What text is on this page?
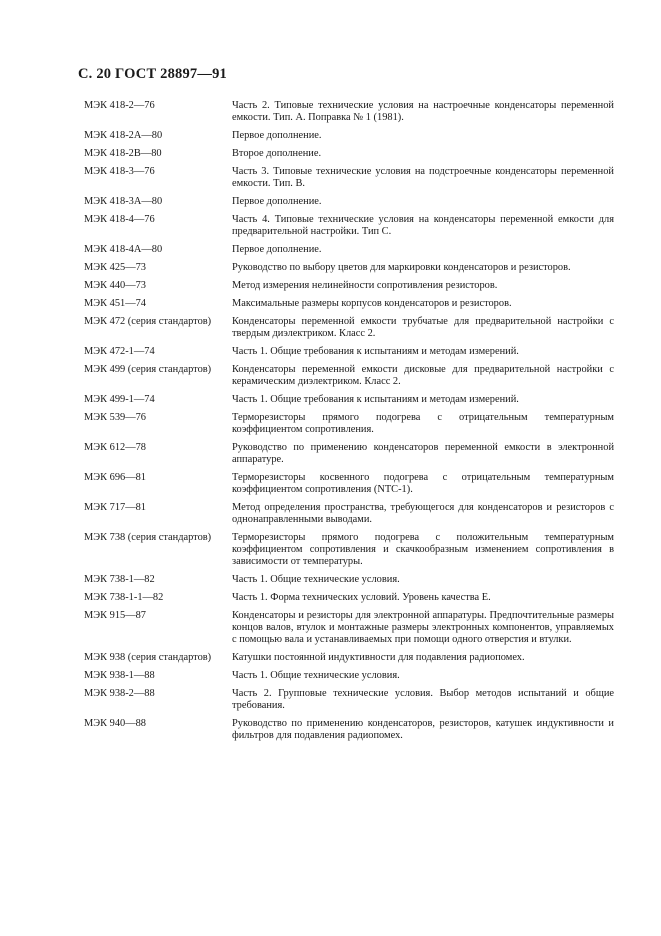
С. 20 ГОСТ 28897—91
МЭК 418-2—76	Часть 2. Типовые технические условия на настроечные конденсаторы переменной емкости. Тип. А. Поправка № 1 (1981).
МЭК 418-2А—80	Первое дополнение.
МЭК 418-2В—80	Второе дополнение.
МЭК 418-3—76	Часть 3. Типовые технические условия на подстроечные конденсаторы переменной емкости. Тип. В.
МЭК 418-3А—80	Первое дополнение.
МЭК 418-4—76	Часть 4. Типовые технические условия на конденсаторы переменной емкости для предварительной настройки. Тип С.
МЭК 418-4А—80	Первое дополнение.
МЭК 425—73	Руководство по выбору цветов для маркировки конденсаторов и резисторов.
МЭК 440—73	Метод измерения нелинейности сопротивления резисторов.
МЭК 451—74	Максимальные размеры корпусов конденсаторов и резисторов.
МЭК 472 (серия стандартов)	Конденсаторы переменной емкости трубчатые для предварительной настройки с твердым диэлектриком. Класс 2.
МЭК 472-1—74	Часть 1. Общие требования к испытаниям и методам измерений.
МЭК 499 (серия стандартов)	Конденсаторы переменной емкости дисковые для предварительной настройки с керамическим диэлектриком. Класс 2.
МЭК 499-1—74	Часть 1. Общие требования к испытаниям и методам измерений.
МЭК 539—76	Терморезисторы прямого подогрева с отрицательным температурным коэффициентом сопротивления.
МЭК 612—78	Руководство по применению конденсаторов переменной емкости в электронной аппаратуре.
МЭК 696—81	Терморезисторы косвенного подогрева с отрицательным температурным коэффициентом сопротивления (NTC-1).
МЭК 717—81	Метод определения пространства, требующегося для конденсаторов и резисторов с однонаправленными выводами.
МЭК 738 (серия стандартов)	Терморезисторы прямого подогрева с положительным температурным коэффициентом сопротивления и скачкообразным изменением сопротивления в зависимости от температуры.
МЭК 738-1—82	Часть 1. Общие технические условия.
МЭК 738-1-1—82	Часть 1. Форма технических условий. Уровень качества Е.
МЭК 915—87	Конденсаторы и резисторы для электронной аппаратуры. Предпочтительные размеры концов валов, втулок и монтажные размеры электронных компонентов, управляемых с помощью вала и устанавливаемых при помощи одного отверстия и втулки.
МЭК 938 (серия стандартов)	Катушки постоянной индуктивности для подавления радиопомех.
МЭК 938-1—88	Часть 1. Общие технические условия.
МЭК 938-2—88	Часть 2. Групповые технические условия. Выбор методов испытаний и общие требования.
МЭК 940—88	Руководство по применению конденсаторов, резисторов, катушек индуктивности и фильтров для подавления радиопомех.
